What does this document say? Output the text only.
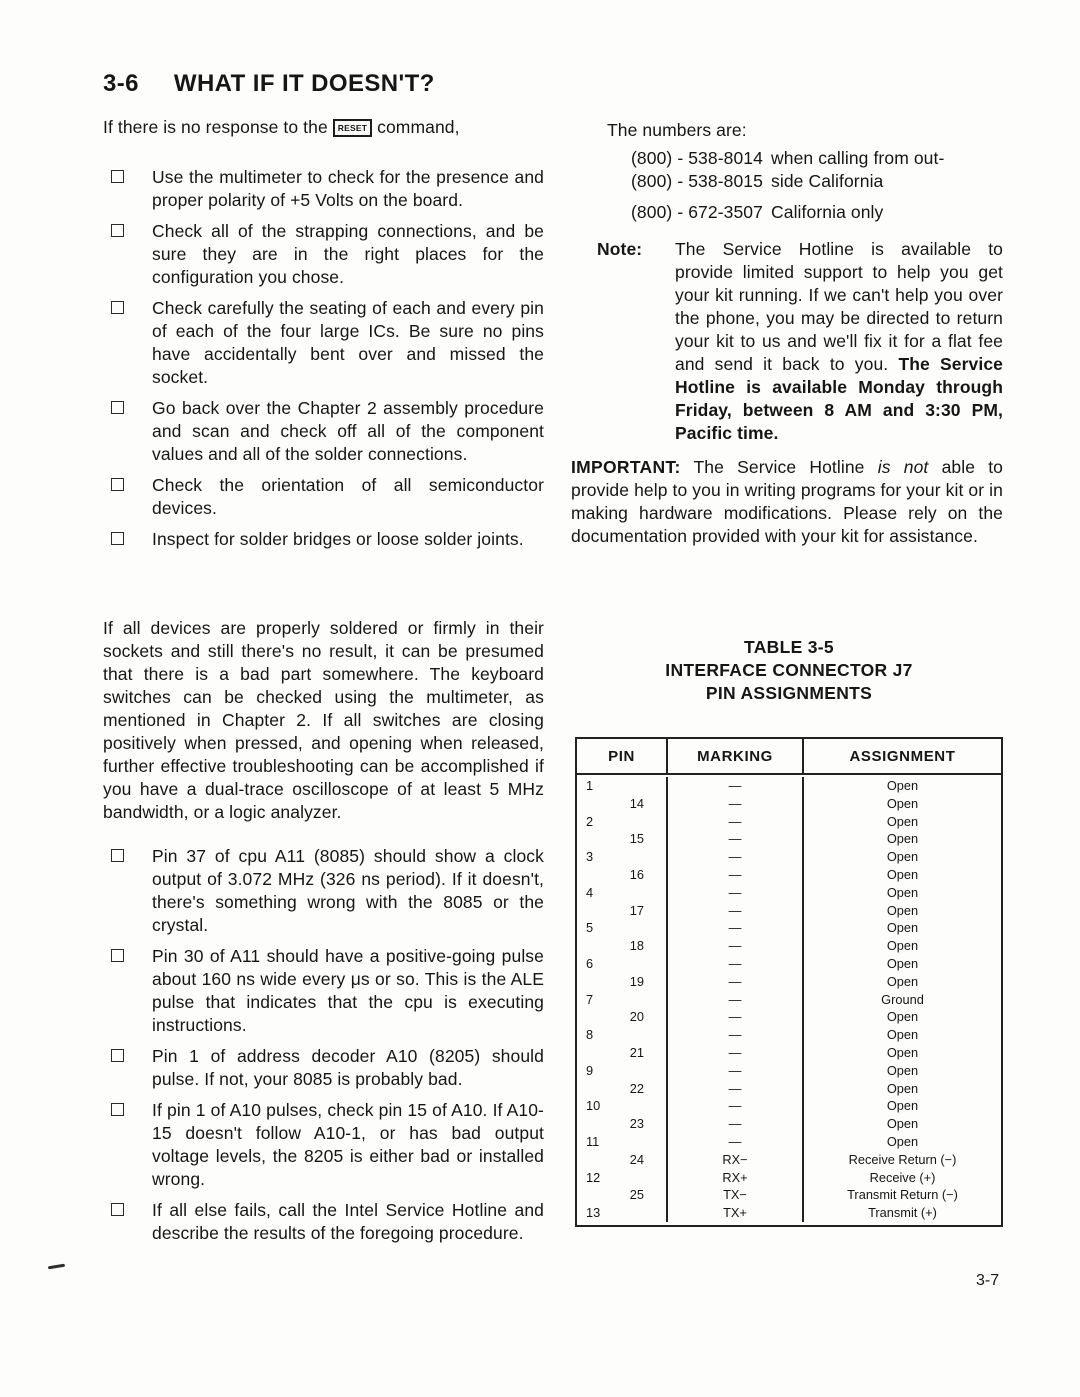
3-6 WHAT IF IT DOESN'T?

If there is no response to the RESET command,

Use the multimeter to check for the presence and proper polarity of +5 Volts on the board.

Check all of the strapping connections, and be sure they are in the right places for the configuration you chose.

Check carefully the seating of each and every pin of each of the four large ICs. Be sure no pins have accidentally bent over and missed the socket.

Go back over the Chapter 2 assembly procedure and scan and check off all of the component values and all of the solder connections.

Check the orientation of all semiconductor devices.

Inspect for solder bridges or loose solder joints.

If all devices are properly soldered or firmly in their sockets and still there's no result, it can be presumed that there is a bad part somewhere. The keyboard switches can be checked using the multimeter, as mentioned in Chapter 2. If all switches are closing positively when pressed, and opening when released, further effective troubleshooting can be accomplished if you have a dual-trace oscilloscope of at least 5 MHz bandwidth, or a logic analyzer.

Pin 37 of cpu A11 (8085) should show a clock output of 3.072 MHz (326 ns period). If it doesn't, there's something wrong with the 8085 or the crystal.

Pin 30 of A11 should have a positive-going pulse about 160 ns wide every μs or so. This is the ALE pulse that indicates that the cpu is executing instructions.

Pin 1 of address decoder A10 (8205) should pulse. If not, your 8085 is probably bad.

If pin 1 of A10 pulses, check pin 15 of A10. If A10-15 doesn't follow A10-1, or has bad output voltage levels, the 8205 is either bad or installed wrong.

If all else fails, call the Intel Service Hotline and describe the results of the foregoing procedure.

The numbers are:

(800) - 538-8014 when calling from out-
(800) - 538-8015 side California
(800) - 672-3507 California only
Note:	The Service Hotline is available to provide limited support to help you get your kit running. If we can't help you over the phone, you may be directed to return your kit to us and we'll fix it for a flat fee and send it back to you. The Service Hotline is available Monday through Friday, between 8 AM and 3:30 PM, Pacific time.

IMPORTANT: The Service Hotline is not able to provide help to you in writing programs for your kit or in making hardware modifications. Please rely on the documentation provided with your kit for assistance.

TABLE 3-5
INTERFACE CONNECTOR J7
PIN ASSIGNMENTS
PIN	MARKING	ASSIGNMENT
1	—	Open
14	—	Open
2	—	Open
15	—	Open
3	—	Open
16	—	Open
4	—	Open
17	—	Open
5	—	Open
18	—	Open
6	—	Open
19	—	Open
7	—	Ground
20	—	Open
8	—	Open
21	—	Open
9	—	Open
22	—	Open
10	—	Open
23	—	Open
11	—	Open
24	RX−	Receive Return (−)
12	RX+	Receive (+)
25	TX−	Transmit Return (−)
13	TX+	Transmit (+)
3-7
